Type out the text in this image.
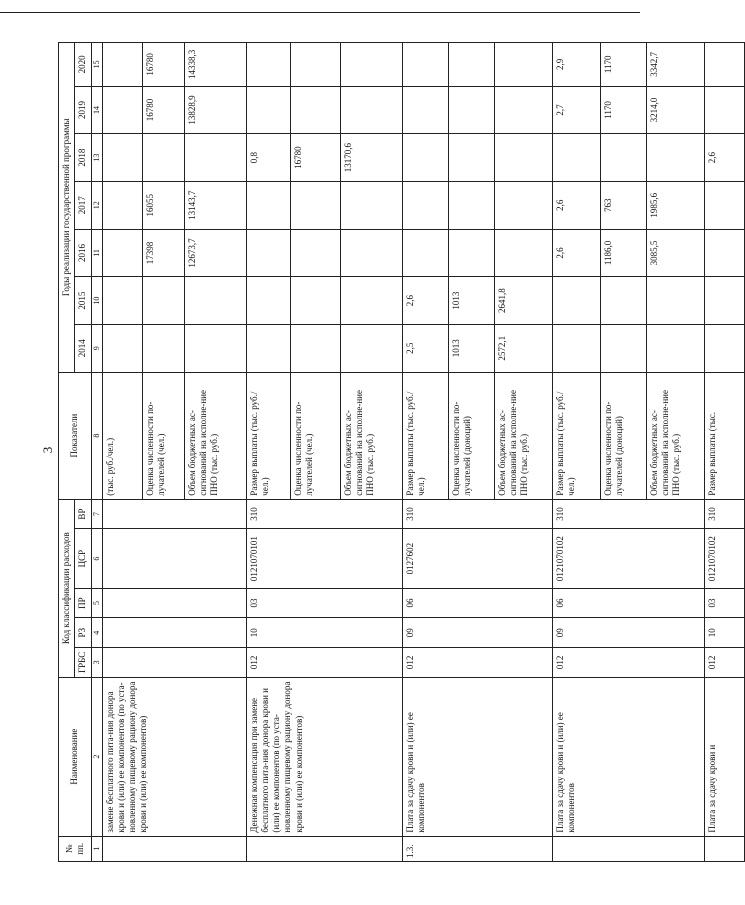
3
№ пп.	Наименование	Код классификации расходов					Показатели	Годы реализации государственной программы						
		ГРБС	РЗ	ПР	ЦСР	ВР		2014	2015	2016	2017	2018	2019	2020
1	2	3	4	5	6	7	8	9	10	11	12	13	14	15
	замене бесплатного пита-ния донора крови и (или) ее компонентов (по уста-новленному пищевому рациону донора крови и (или) ее компонентов)						(тыс. руб./чел.)							
							Оценка численности по-лучателей (чел.)			17398	16055		16780	16780
							Объем бюджетных ас-сигнований на исполне-ние ПНО (тыс. руб.)			12673,7	13143,7		13828,9	14338,3
	Денежная компенсация при замене бесплатного пита-ния донора крови и (или) ее компонентов (по уста-новленному пищевому рациону донора крови и (или) ее компонентов)	012	10	03	0121070101	310	Размер выплаты (тыс. руб./чел.)					0,8		
							Оценка численности по-лучателей (чел.)					16780		
							Объем бюджетных ас-сигнований на исполне-ние ПНО (тыс. руб.)					13170,6		
1.3.	Плата за сдачу крови и (или) ее компонентов	012	09	06	0127602	310	Размер выплаты (тыс. руб./чел.)	2,5	2,6					
							Оценка численности по-лучателей (доноций)	1013	1013					
							Объем бюджетных ас-сигнований на исполне-ние ПНО (тыс. руб.)	2572,1	2641,8					
	Плата за сдачу крови и (или) ее компонентов	012	09	06	0121070102	310	Размер выплаты (тыс. руб./чел.)			2,6	2,6		2,7	2,9
							Оценка численности по-лучателей (доноций)			1186,0	763		1170	1170
							Объем бюджетных ас-сигнований на исполне-ние ПНО (тыс. руб.)			3085,5	1985,6		3214,0	3342,7
	Плата за сдачу крови и	012	10	03	0121070102	310	Размер выплаты (тыс.					2,6		
